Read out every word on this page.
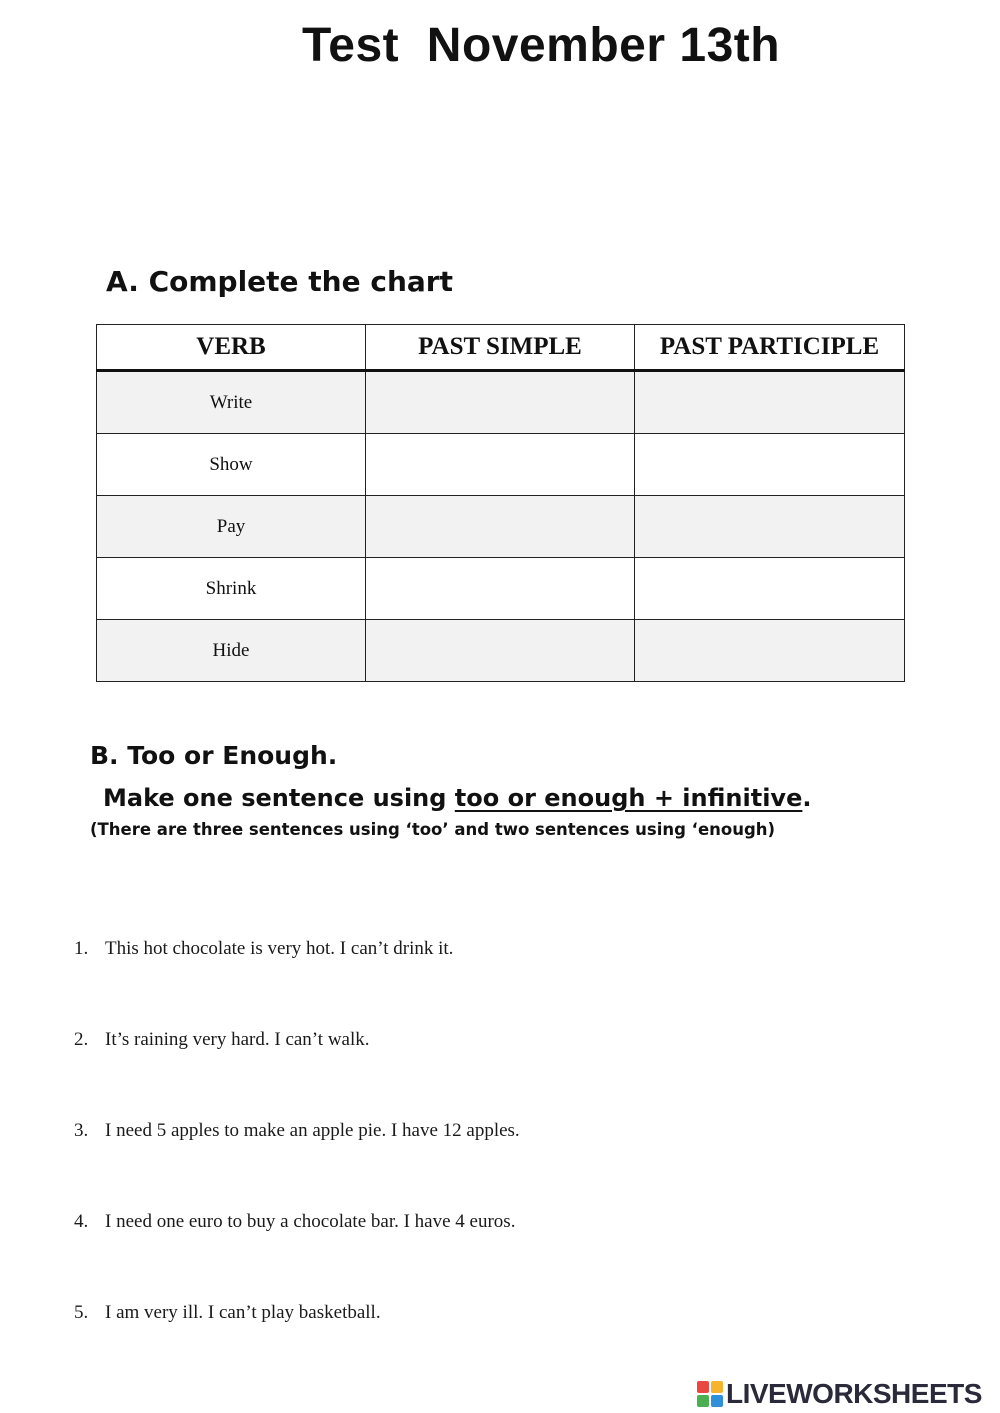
Test  November 13th
A. Complete the chart
VERB	PAST SIMPLE	PAST PARTICIPLE
Write		
Show		
Pay		
Shrink		
Hide		
B. Too or Enough.
Make one sentence using too or enough + infinitive.
(There are three sentences using ‘too’ and two sentences using ‘enough)
1. This hot chocolate is very hot. I can’t drink it.
2. It’s raining very hard. I can’t walk.
3. I need 5 apples to make an apple pie. I have 12 apples.
4. I need one euro to buy a chocolate bar. I have 4 euros.
5. I am very ill. I can’t play basketball.
LIVEWORKSHEETS
